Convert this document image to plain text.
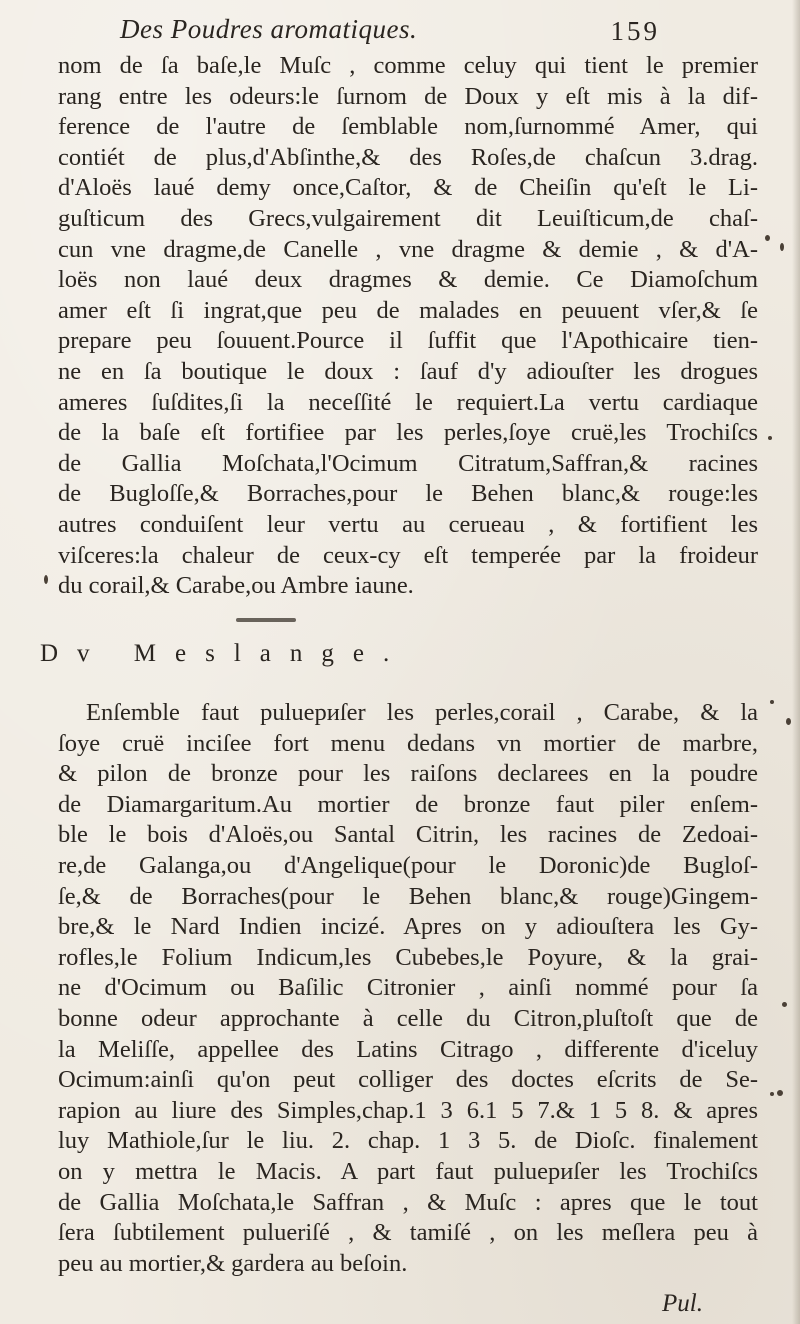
Des Poudres aromatiques.	159
nom de ſa baſe,le Muſc , comme celuy qui tient le premier
rang entre les odeurs:le ſurnom de Doux y eſt mis à la dif-
ference de l'autre de ſemblable nom,ſurnommé Amer, qui
contiét de plus,d'Abſinthe,& des Roſes,de chaſcun 3.drag.
d'Aloës laué demy once,Caſtor, & de Cheiſin qu'eſt le Li-
guſticum des Grecs,vulgairement dit Leuiſticum,de chaſ-
cun vne dragme,de Canelle , vne dragme & demie , & d'A-
loës non laué deux dragmes & demie. Ce Diamoſchum
amer eſt ſi ingrat,que peu de malades en peuuent vſer,& ſe
prepare peu ſouuent.Pource il ſuffit que l'Apothicaire tien-
ne en ſa boutique le doux : ſauf d'y adiouſter les drogues
ameres ſuſdites,ſi la neceſſité le requiert.La vertu cardiaque
de la baſe eſt fortifiee par les perles,ſoye cruë,les Trochiſcs
de Gallia Moſchata,l'Ocimum Citratum,Saffran,& racines
de Bugloſſe,& Borraches,pour le Behen blanc,& rouge:les
autres conduiſent leur vertu au cerueau , & fortifient les
viſceres:la chaleur de ceux-cy eſt temperée par la froideur
du corail,& Carabe,ou Ambre iaune.
Dv Meslange.
Enſemble faut puluериſer les perles,corail , Carabe, & la
ſoye cruë inciſee fort menu dedans vn mortier de marbre,
& pilon de bronze pour les raiſons declarees en la poudre
de Diamargaritum.Au mortier de bronze faut piler enſem-
ble le bois d'Aloës,ou Santal Citrin, les racines de Zedoai-
re,de Galanga,ou d'Angelique(pour le Doronic)de Bugloſ-
ſe,& de Borraches(pour le Behen blanc,& rouge)Gingem-
bre,& le Nard Indien incizé. Apres on y adiouſtera les Gy-
rofles,le Folium Indicum,les Cubebes,le Poyure, & la grai-
ne d'Ocimum ou Baſilic Citronier , ainſi nommé pour ſa
bonne odeur approchante à celle du Citron,pluſtoſt que de
la Meliſſe, appellee des Latins Citrago , differente d'iceluy
Ocimum:ainſi qu'on peut colliger des doctes eſcrits de Se-
rapion au liure des Simples,chap.1 3 6.1 5 7.& 1 5 8. & apres
luy Mathiole,ſur le liu. 2. chap. 1 3 5. de Dioſc. finalement
on y mettra le Macis. A part faut puluериſer les Trochiſcs
de Gallia Moſchata,le Saffran , & Muſc : apres que le tout
ſera ſubtilement pulueriſé , & tamiſé , on les meſlera peu à
peu au mortier,& gardera au beſoin.
Pul.
